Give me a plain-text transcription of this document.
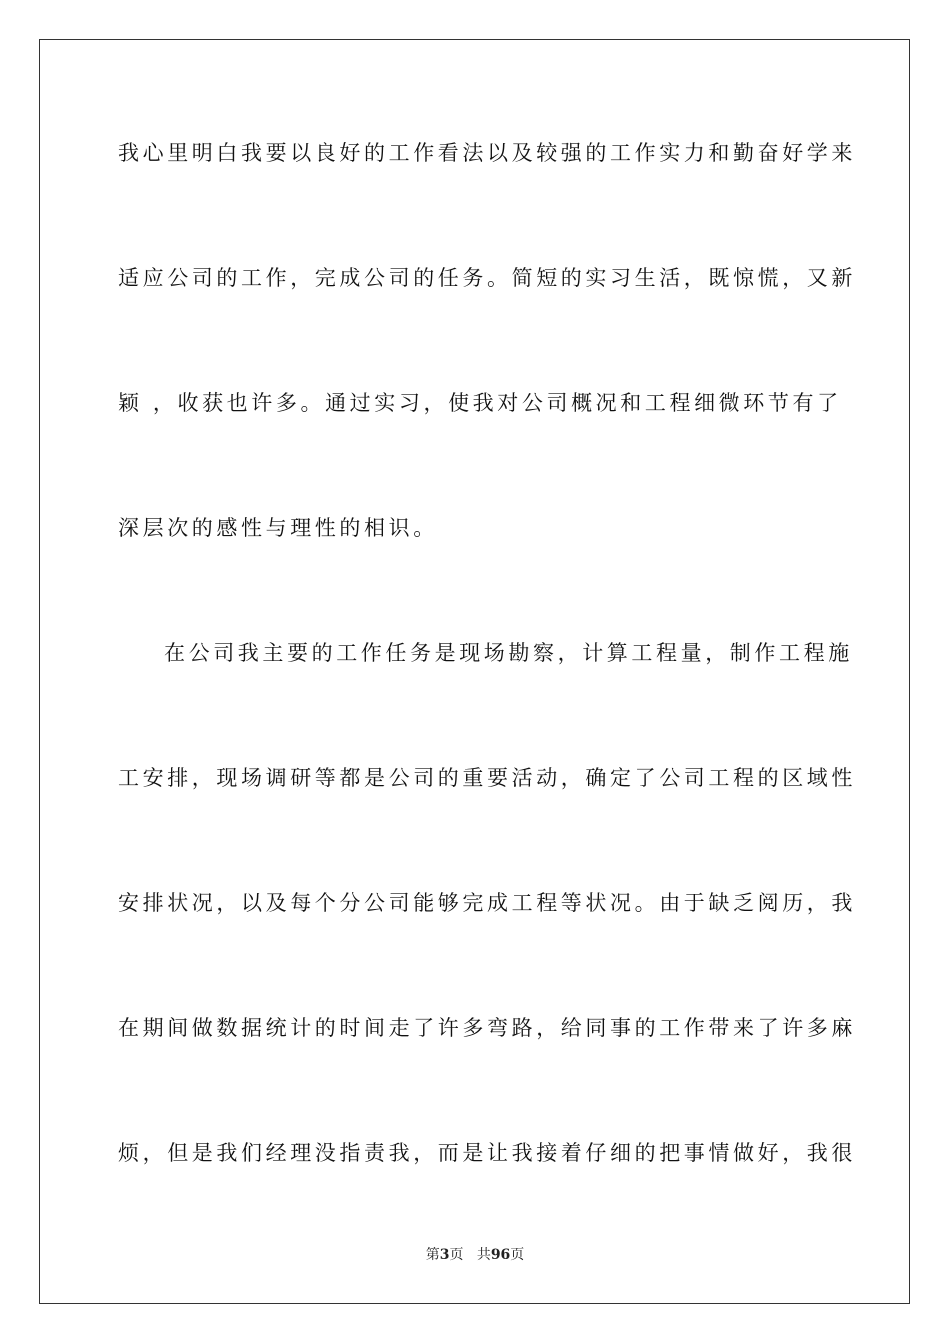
我心里明白我要以良好的工作看法以及较强的工作实力和勤奋好学来
适应公司的工作，完成公司的任务。简短的实习生活，既惊慌，又新
颖 ，收获也许多。通过实习，使我对公司概况和工程细微环节有了
深层次的感性与理性的相识。
在公司我主要的工作任务是现场勘察，计算工程量，制作工程施
工安排，现场调研等都是公司的重要活动，确定了公司工程的区域性
安排状况，以及每个分公司能够完成工程等状况。由于缺乏阅历，我
在期间做数据统计的时间走了许多弯路，给同事的工作带来了许多麻
烦，但是我们经理没指责我，而是让我接着仔细的把事情做好，我很
第3页 共96页
